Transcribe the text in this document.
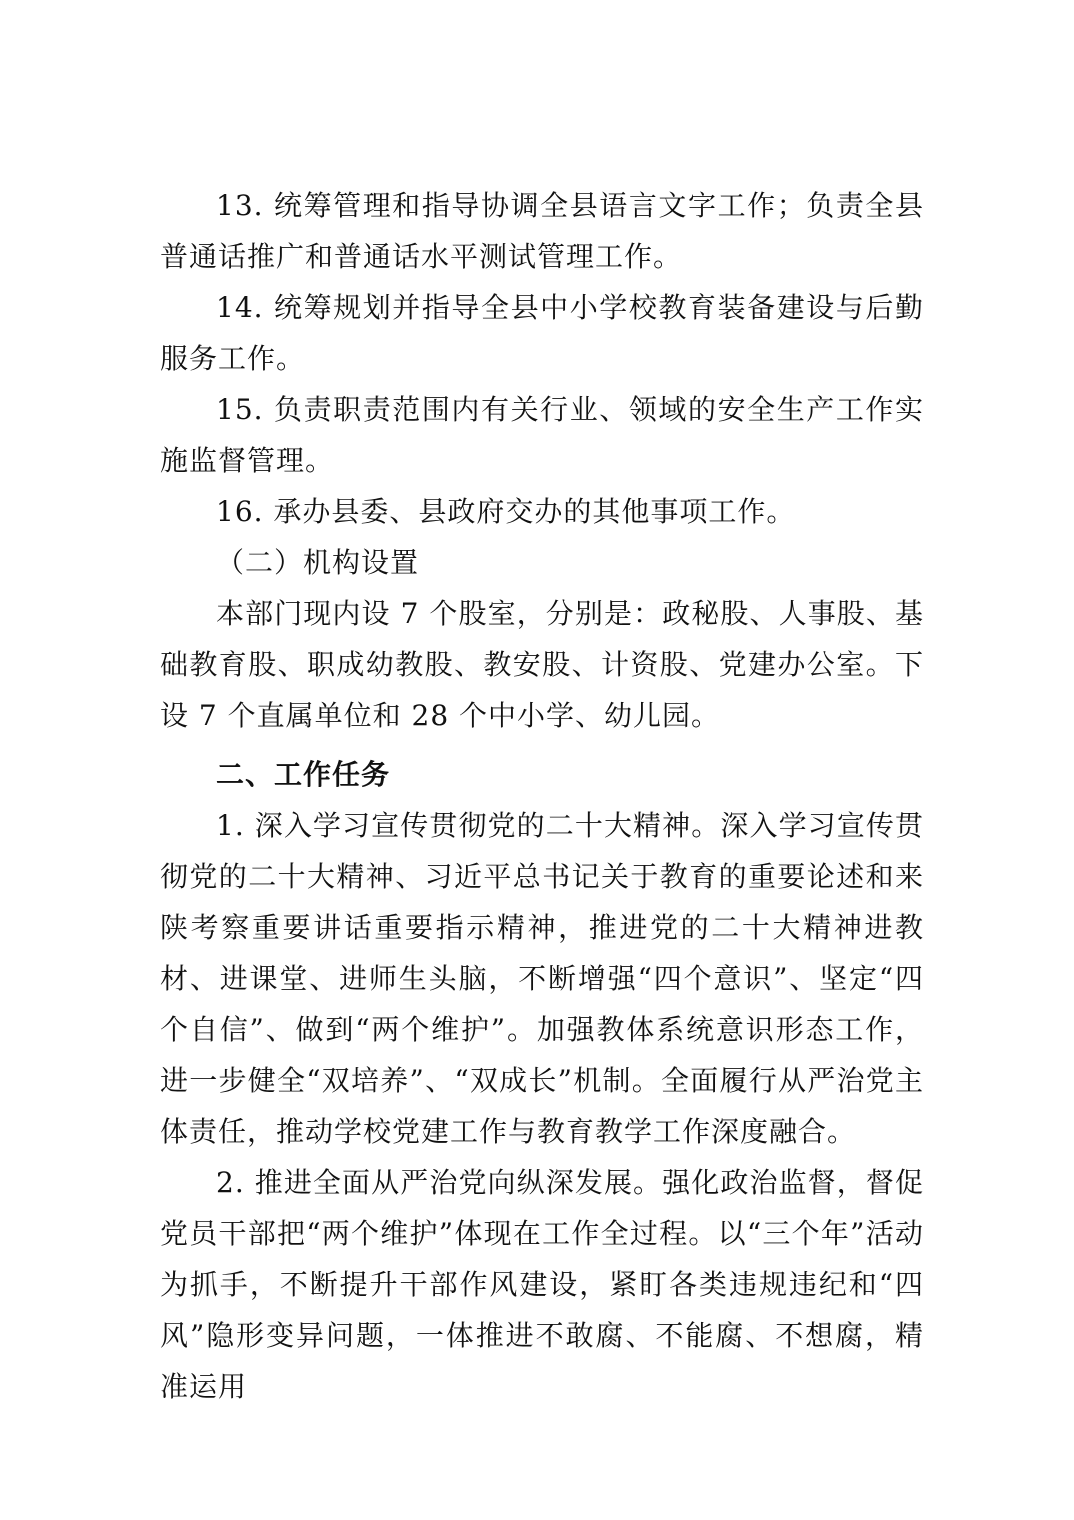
13. 统筹管理和指导协调全县语言文字工作；负责全县普通话推广和普通话水平测试管理工作。

14. 统筹规划并指导全县中小学校教育装备建设与后勤服务工作。

15. 负责职责范围内有关行业、领域的安全生产工作实施监督管理。

16. 承办县委、县政府交办的其他事项工作。

（二）机构设置

本部门现内设 7 个股室，分别是：政秘股、人事股、基础教育股、职成幼教股、教安股、计资股、党建办公室。下设 7 个直属单位和 28 个中小学、幼儿园。

二、工作任务

1. 深入学习宣传贯彻党的二十大精神。深入学习宣传贯彻党的二十大精神、习近平总书记关于教育的重要论述和来陕考察重要讲话重要指示精神，推进党的二十大精神进教材、进课堂、进师生头脑，不断增强“四个意识”、坚定“四个自信”、做到“两个维护”。加强教体系统意识形态工作，进一步健全“双培养”、“双成长”机制。全面履行从严治党主体责任，推动学校党建工作与教育教学工作深度融合。

2. 推进全面从严治党向纵深发展。强化政治监督，督促党员干部把“两个维护”体现在工作全过程。以“三个年”活动为抓手，不断提升干部作风建设，紧盯各类违规违纪和“四风”隐形变异问题，一体推进不敢腐、不能腐、不想腐，精准运用
